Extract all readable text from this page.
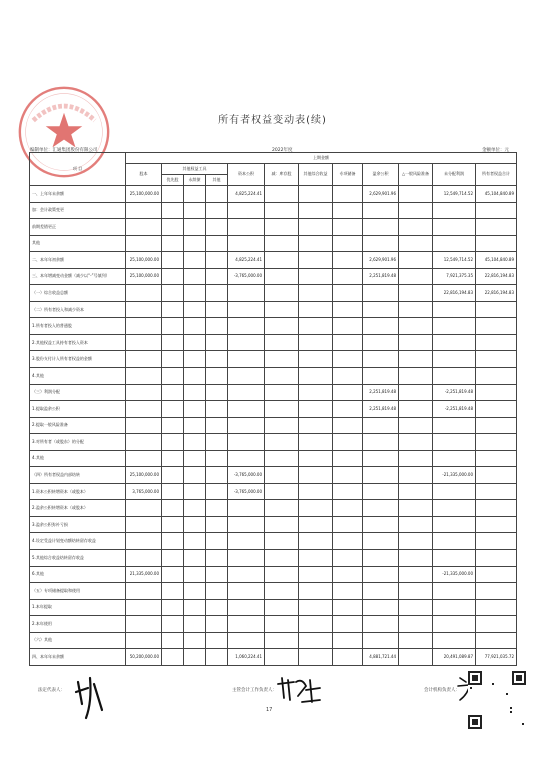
所有者权益变动表(续)
编制单位：汇通集团股份有限公司	2022年度	金额单位：元
项 目	上期金额											
	股本	其他权益工具			资本公积	减：库存股	其他综合收益	专项储备	盈余公积	△一般风险准备	未分配利润	所有者权益合计
		优先股	永续债	其他								
一、上年年末余额	25,100,000.00				4,825,224.41				2,629,901.96		12,549,714.52	45,104,840.89
加：会计政策变更												
前期差错更正												
其他												
二、本年年初余额	25,100,000.00				4,825,224.41				2,629,901.96		12,549,714.52	45,104,840.89
三、本年增减变动金额（减少以“-”号填列）	25,100,000.00				-3,765,000.00				2,251,819.48		7,921,375.35	22,816,194.83
（一）综合收益总额											22,816,194.83	22,816,194.83
（二）所有者投入和减少资本												
1.所有者投入的普通股												
2.其他权益工具持有者投入资本												
3.股份支付计入所有者权益的金额												
4.其他												
（三）利润分配									2,251,819.48		-2,251,819.48	
1.提取盈余公积									2,251,819.48		-2,251,819.48	
2.提取一般风险准备												
3.对所有者（或股东）的分配												
4.其他												
（四）所有者权益内部结转	25,100,000.00				-3,765,000.00						-21,335,000.00	
1.资本公积转增资本（或股本）	3,765,000.00				-3,765,000.00							
2.盈余公积转增资本（或股本）												
3.盈余公积弥补亏损												
4.设定受益计划变动额结转留存收益												
5.其他综合收益结转留存收益												
6.其他	21,335,000.00										-21,335,000.00	
（五）专项储备提取和使用												
1.本年提取												
2.本年使用												
（六）其他												
四、本年年末余额	50,200,000.00				1,060,224.41				4,881,721.44		20,491,089.87	77,921,035.72
法定代表人：	主管会计工作负责人：	会计机构负责人：
17
